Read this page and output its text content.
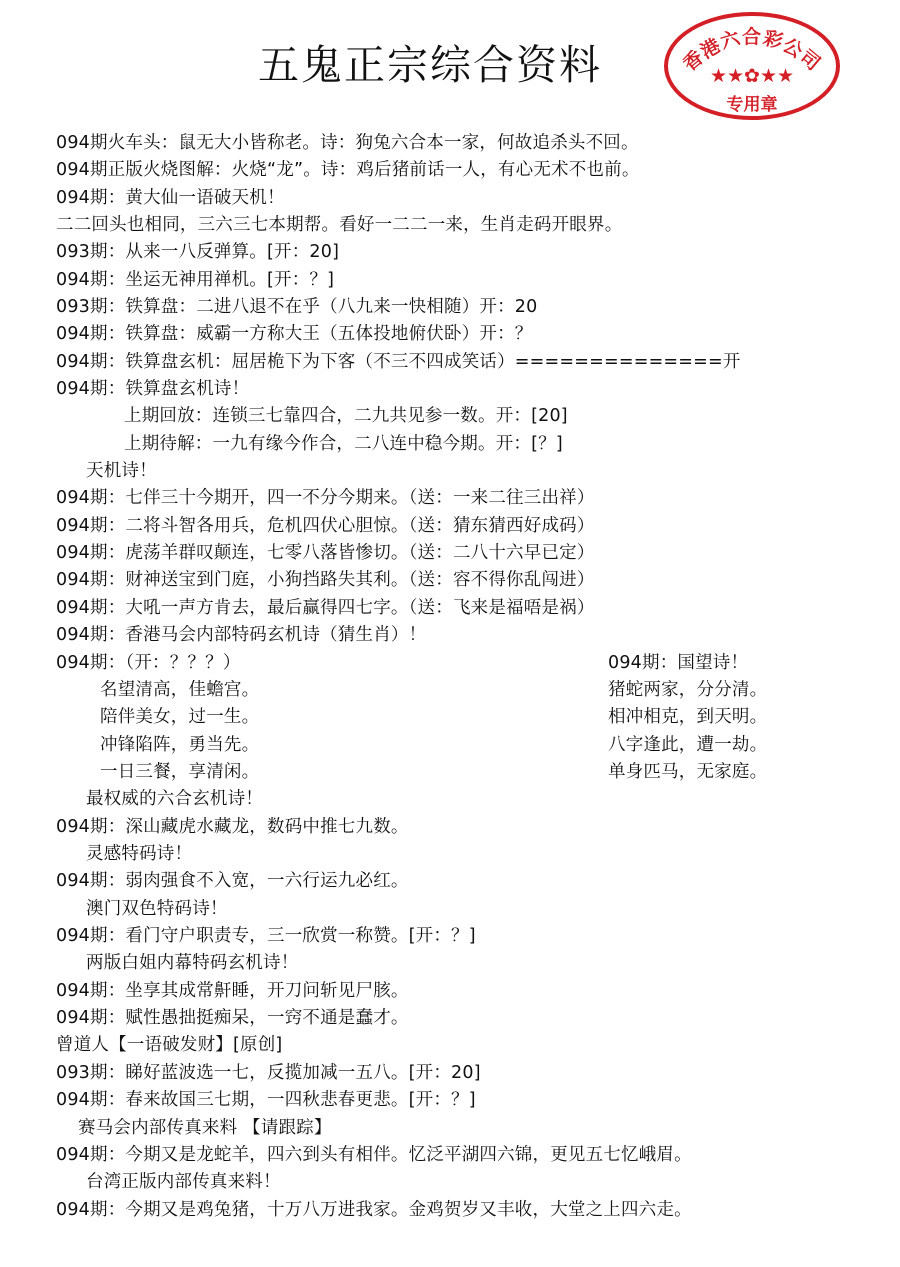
五鬼正宗综合资料	香港六合彩公司
★★✿★★
专用章
094期火车头：鼠无大小皆称老。诗：狗兔六合本一家，何故追杀头不回。
094期正版火烧图解：火烧“龙”。诗：鸡后猪前话一人，有心无术不也前。
094期：黄大仙一语破天机！
二二回头也相同，三六三七本期帮。看好一二二一来，生肖走码开眼界。
093期：从来一八反弹算。[开：20]
094期：坐运无神用禅机。[开：？]
093期：铁算盘：二进八退不在乎（八九来一快相随）开：20
094期：铁算盘：威霸一方称大王（五体投地俯伏卧）开：？
094期：铁算盘玄机：屈居桅下为下客（不三不四成笑话）==============开
094期：铁算盘玄机诗！
上期回放：连锁三七靠四合，二九共见参一数。开：[20]
上期待解：一九有缘今作合，二八连中稳今期。开：[？]
天机诗！
094期：七伴三十今期开，四一不分今期来。（送：一来二往三出祥）
094期：二将斗智各用兵，危机四伏心胆惊。（送：猜东猜西好成码）
094期：虎荡羊群叹颠连，七零八落皆惨切。（送：二八十六早已定）
094期：财神送宝到门庭，小狗挡路失其利。（送：容不得你乱闯进）
094期：大吼一声方肯去，最后赢得四七字。（送：飞来是福唔是祸）
094期：香港马会内部特码玄机诗（猜生肖）！
094期：（开：？？？）
名望清高，佳蟾宫。
陪伴美女，过一生。
冲锋陷阵，勇当先。
一日三餐，享清闲。
094期：国望诗！
猪蛇两家，分分清。
相冲相克，到天明。
八字逢此，遭一劫。
单身匹马，无家庭。
最权威的六合玄机诗！
094期：深山藏虎水藏龙，数码中推七九数。
灵感特码诗！
094期：弱肉强食不入宽，一六行运九必红。
澳门双色特码诗！
094期：看门守户职责专，三一欣赏一称赞。[开：？]
两版白姐内幕特码玄机诗！
094期：坐享其成常鼾睡，开刀问斩见尸胲。
094期：赋性愚拙挺痴呆，一窍不通是蠢才。
曾道人【一语破发财】[原创]
093期：睇好蓝波选一七，反揽加减一五八。[开：20]
094期：春来故国三七期，一四秋悲春更悲。[开：？]
赛马会内部传真来料 【请跟踪】
094期：今期又是龙蛇羊，四六到头有相伴。忆泛平湖四六锦，更见五七忆峨眉。
台湾正版内部传真来料！
094期：今期又是鸡兔猪，十万八万进我家。金鸡贺岁又丰收，大堂之上四六走。
